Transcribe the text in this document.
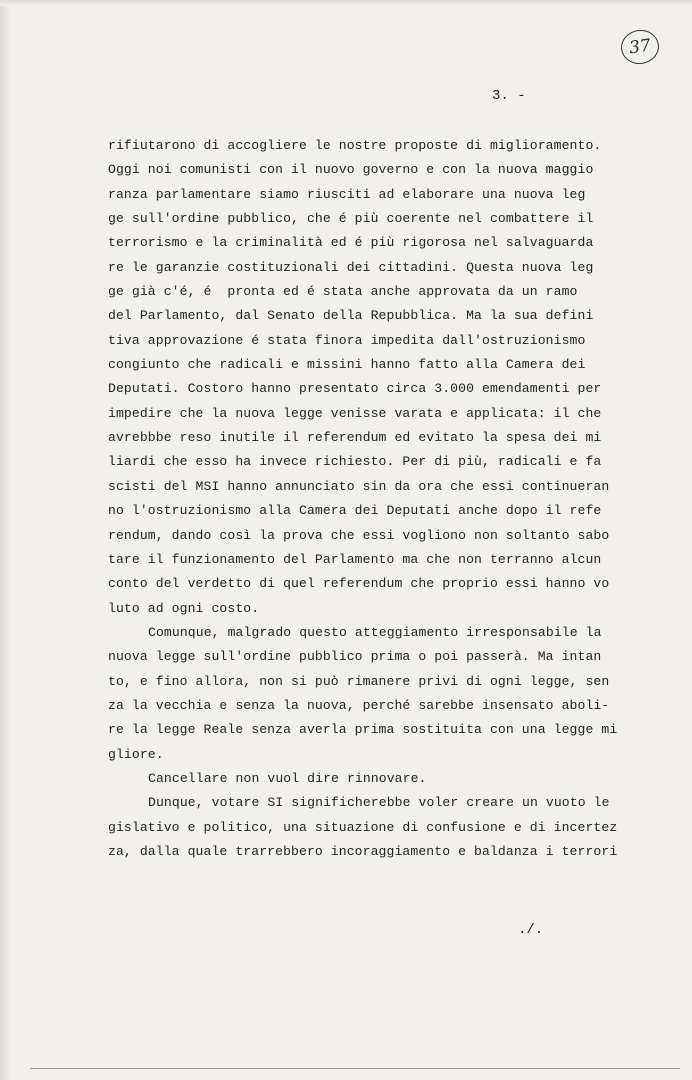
37
3. -
rifiutarono di accogliere le nostre proposte di miglioramento.
Oggi noi comunisti con il nuovo governo e con la nuova maggio
ranza parlamentare siamo riusciti ad elaborare una nuova leg
ge sull'ordine pubblico, che é più coerente nel combattere il
terrorismo e la criminalità ed é più rigorosa nel salvaguarda
re le garanzie costituzionali dei cittadini. Questa nuova leg
ge già c'é, é  pronta ed é stata anche approvata da un ramo
del Parlamento, dal Senato della Repubblica. Ma la sua defini
tiva approvazione é stata finora impedita dall'ostruzionismo
congiunto che radicali e missini hanno fatto alla Camera dei
Deputati. Costoro hanno presentato circa 3.000 emendamenti per
impedire che la nuova legge venisse varata e applicata: il che
avrebbbe reso inutile il referendum ed evitato la spesa dei mi
liardi che esso ha invece richiesto. Per di più, radicali e fa
scisti del MSI hanno annunciato sin da ora che essi continueran
no l'ostruzionismo alla Camera dei Deputati anche dopo il refe
rendum, dando così la prova che essi vogliono non soltanto sabo
tare il funzionamento del Parlamento ma che non terranno alcun
conto del verdetto di quel referendum che proprio essi hanno vo
luto ad ogni costo.
Comunque, malgrado questo atteggiamento irresponsabile la
nuova legge sull'ordine pubblico prima o poi passerà. Ma intan
to, e fino allora, non si può rimanere privi di ogni legge, sen
za la vecchia e senza la nuova, perché sarebbe insensato aboli-
re la legge Reale senza averla prima sostituita con una legge mi
gliore.
Cancellare non vuol dire rinnovare.
Dunque, votare SI significherebbe voler creare un vuoto le
gislativo e politico, una situazione di confusione e di incertez
za, dalla quale trarrebbero incoraggiamento e baldanza i terrori
./.
